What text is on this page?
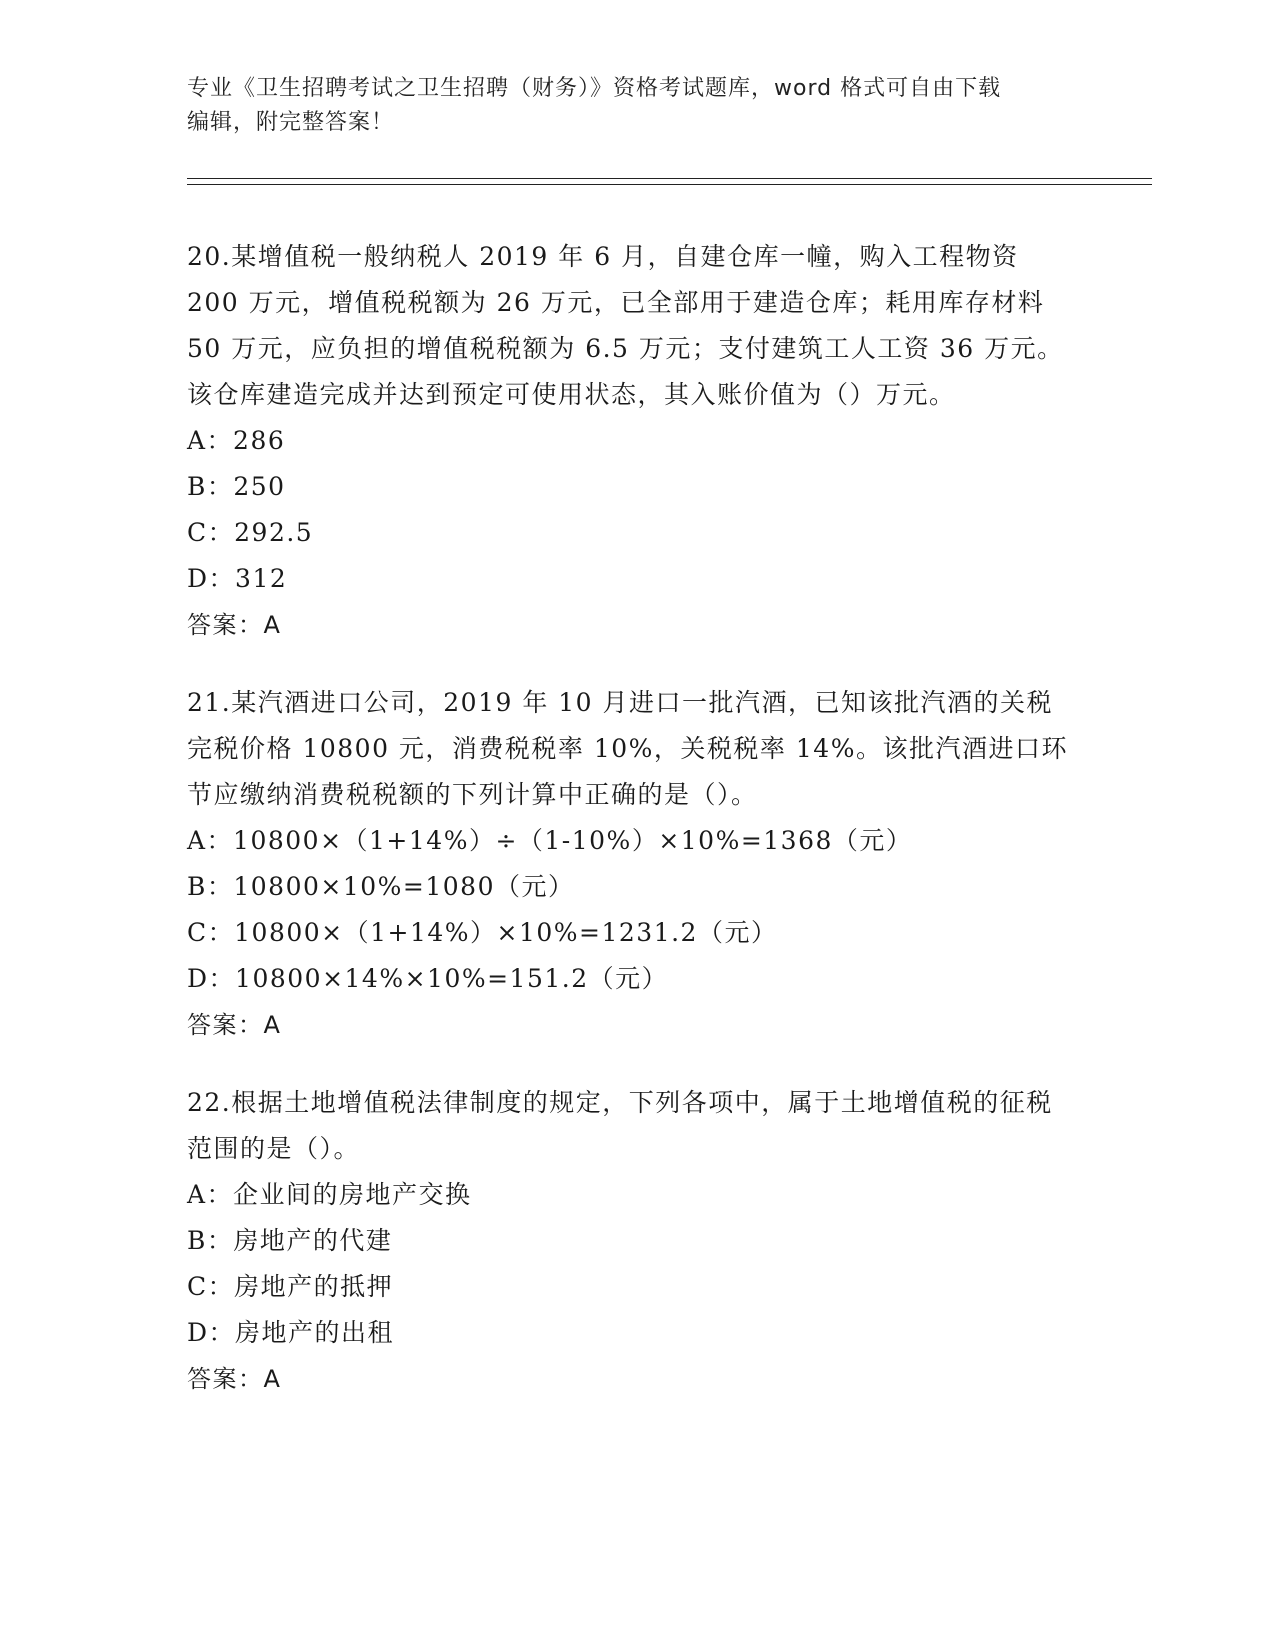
专业《卫生招聘考试之卫生招聘（财务）》资格考试题库，word 格式可自由下载
编辑，附完整答案！

20.某增值税一般纳税人 2019 年 6 月，自建仓库一幢，购入工程物资 200 万元，增值税税额为 26 万元，已全部用于建造仓库；耗用库存材料 50 万元，应负担的增值税税额为 6.5 万元；支付建筑工人工资 36 万元。该仓库建造完成并达到预定可使用状态，其入账价值为（）万元。

A：286

B：250

C：292.5

D：312

答案：A

21.某汽酒进口公司，2019 年 10 月进口一批汽酒，已知该批汽酒的关税完税价格 10800 元，消费税税率 10%，关税税率 14%。该批汽酒进口环节应缴纳消费税税额的下列计算中正确的是（）。

A：10800×（1+14%）÷（1-10%）×10%=1368（元）

B：10800×10%=1080（元）

C：10800×（1+14%）×10%=1231.2（元）

D：10800×14%×10%=151.2（元）

答案：A

22.根据土地增值税法律制度的规定，下列各项中，属于土地增值税的征税范围的是（）。

A：企业间的房地产交换

B：房地产的代建

C：房地产的抵押

D：房地产的出租

答案：A
